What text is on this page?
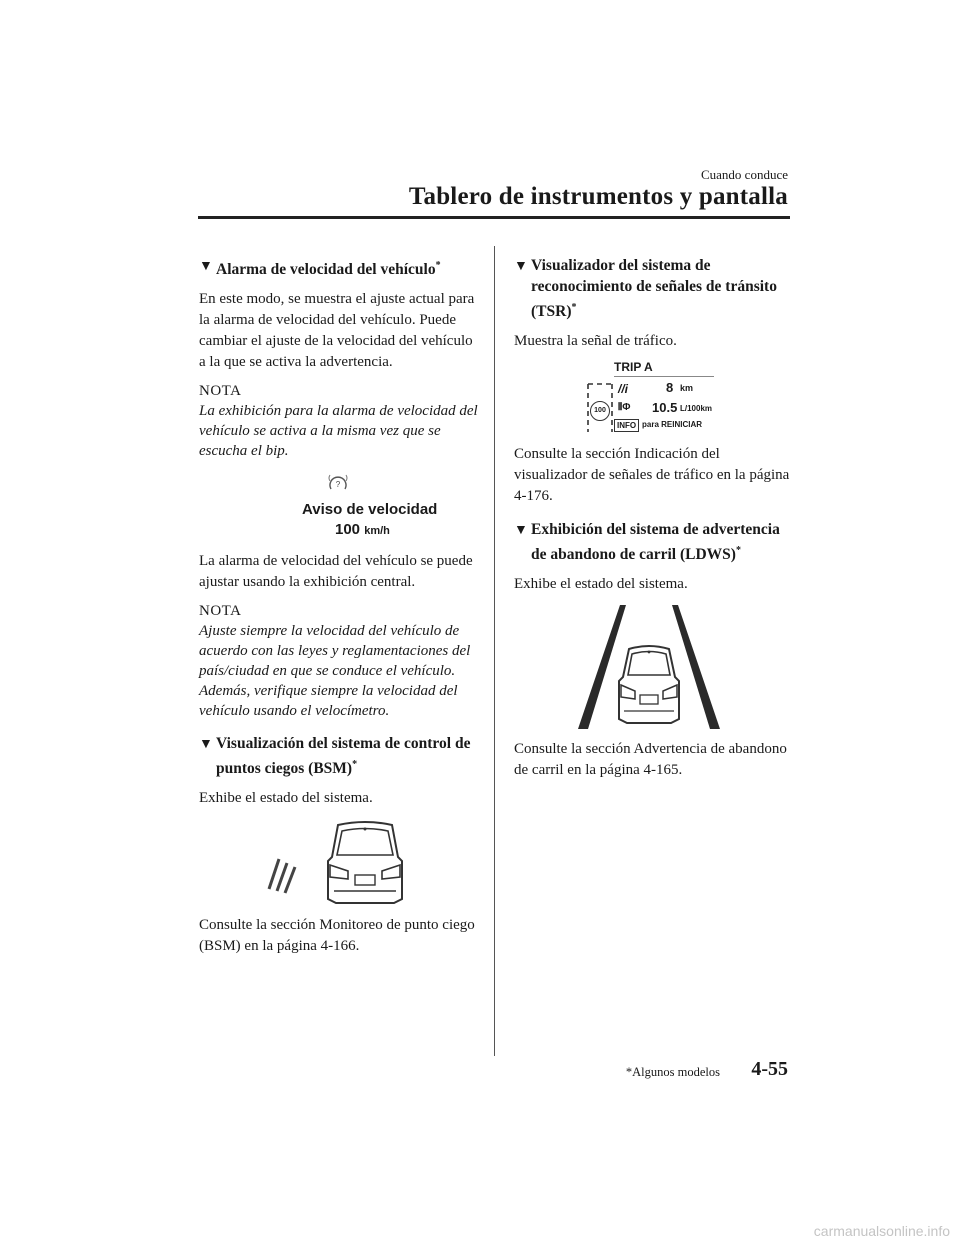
Cuando conduce
Tablero de instrumentos y pantalla
▼ Alarma de velocidad del vehículo*

En este modo, se muestra el ajuste actual para la alarma de velocidad del vehículo. Puede cambiar el ajuste de la velocidad del vehículo a la que se activa la advertencia.

NOTA

La exhibición para la alarma de velocidad del vehículo se activa a la misma vez que se escucha el bip.

?
Aviso de velocidad
100 km/h

La alarma de velocidad del vehículo se puede ajustar usando la exhibición central.

NOTA

Ajuste siempre la velocidad del vehículo de acuerdo con las leyes y reglamentaciones del país/ciudad en que se conduce el vehículo. Además, verifique siempre la velocidad del vehículo usando el velocímetro.

▼ Visualización del sistema de control de puntos ciegos (BSM)*

Exhibe el estado del sistema.

Consulte la sección Monitoreo de punto ciego (BSM) en la página 4-166.

▼ Visualizador del sistema de reconocimiento de señales de tránsito (TSR)*

Muestra la señal de tráfico.

TRIP A
//i	8 km
100	⫴Φ 10.5 L/100km
INFO para REINICIAR

Consulte la sección Indicación del visualizador de señales de tráfico en la página 4-176.

▼ Exhibición del sistema de advertencia de abandono de carril (LDWS)*

Exhibe el estado del sistema.

Consulte la sección Advertencia de abandono de carril en la página 4-165.

*Algunos modelos 4-55
carmanualsonline.info
